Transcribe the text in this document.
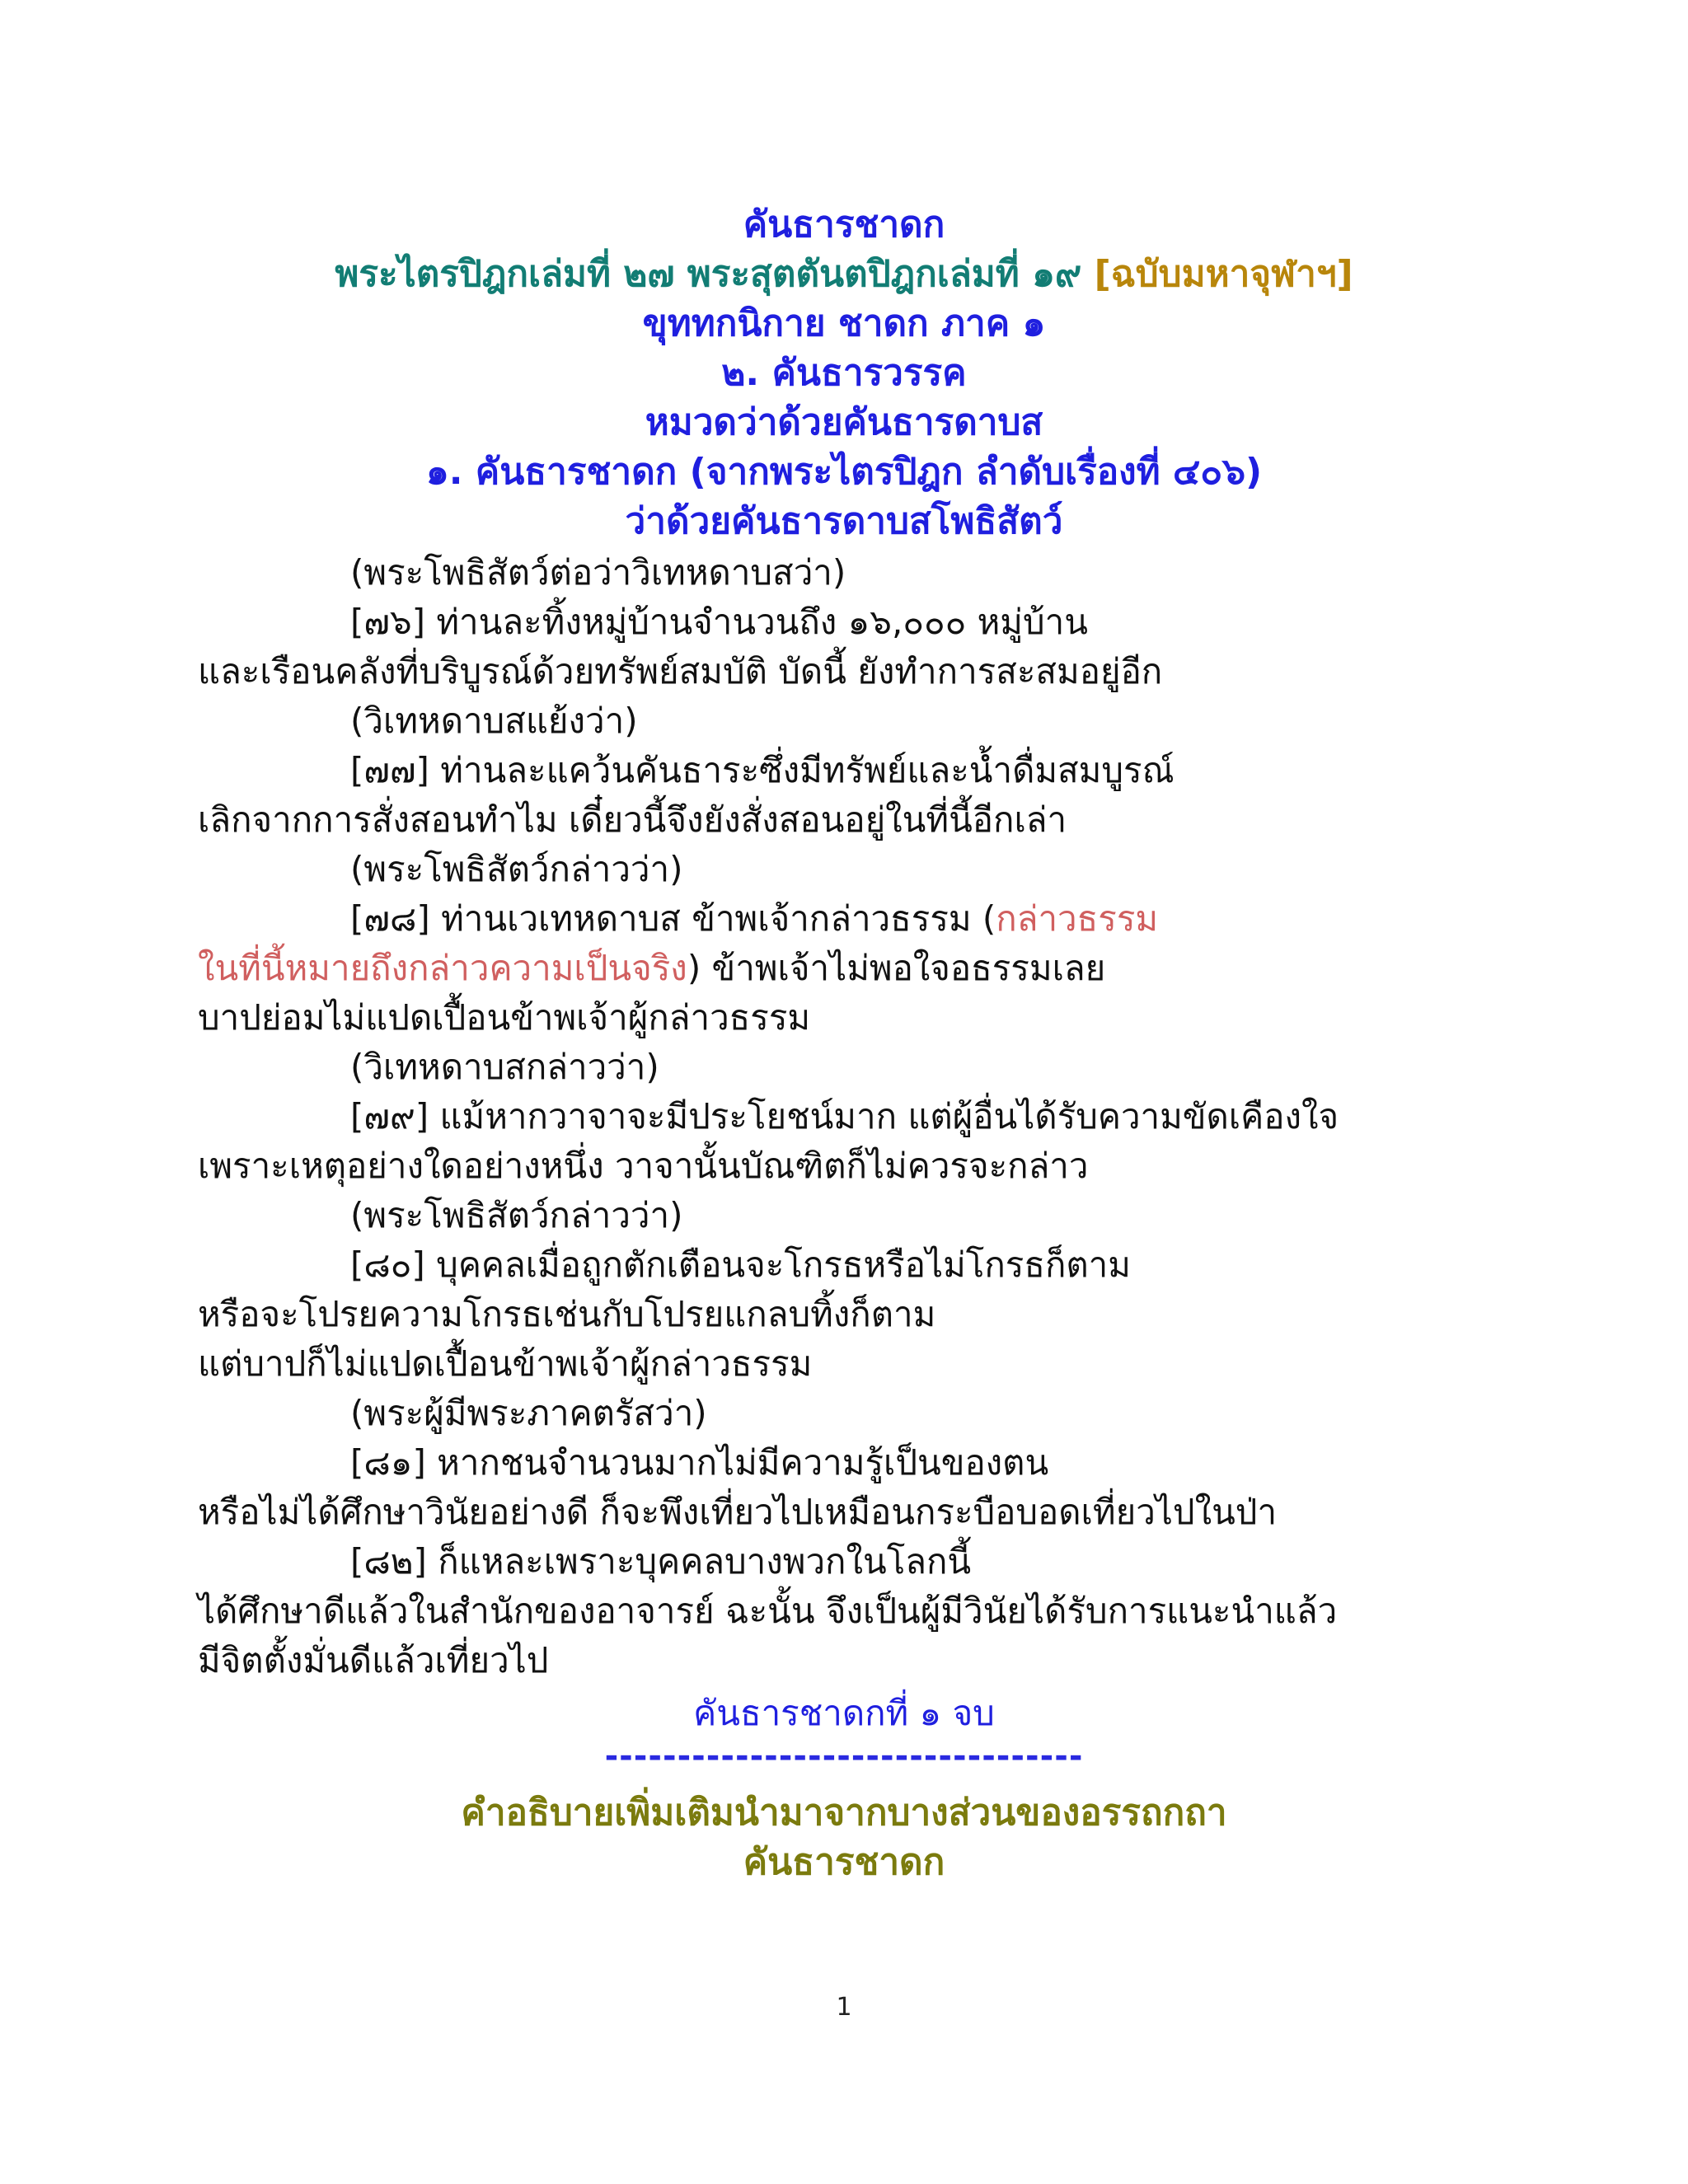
คันธารชาดก
พระไตรปิฎกเล่มที่ ๒๗ พระสุตตันตปิฎกเล่มที่ ๑๙ [ฉบับมหาจุฬาฯ]
ขุททกนิกาย ชาดก ภาค ๑
๒. คันธารวรรค
หมวดว่าด้วยคันธารดาบส
๑. คันธารชาดก (จากพระไตรปิฎก ลำดับเรื่องที่ ๔๐๖)
ว่าด้วยคันธารดาบสโพธิสัตว์
(พระโพธิสัตว์ต่อว่าวิเทหดาบสว่า)
[๗๖] ท่านละทิ้งหมู่บ้านจำนวนถึง ๑๖,๐๐๐ หมู่บ้าน
และเรือนคลังที่บริบูรณ์ด้วยทรัพย์สมบัติ บัดนี้ ยังทำการสะสมอยู่อีก
(วิเทหดาบสแย้งว่า)
[๗๗] ท่านละแคว้นคันธาระซึ่งมีทรัพย์และน้ำดื่มสมบูรณ์
เลิกจากการสั่งสอนทำไม เดี๋ยวนี้จึงยังสั่งสอนอยู่ในที่นี้อีกเล่า
(พระโพธิสัตว์กล่าวว่า)
[๗๘] ท่านเวเทหดาบส ข้าพเจ้ากล่าวธรรม (กล่าวธรรม
ในที่นี้หมายถึงกล่าวความเป็นจริง) ข้าพเจ้าไม่พอใจอธรรมเลย
บาปย่อมไม่แปดเปื้อนข้าพเจ้าผู้กล่าวธรรม
(วิเทหดาบสกล่าวว่า)
[๗๙] แม้หากวาจาจะมีประโยชน์มาก แต่ผู้อื่นได้รับความขัดเคืองใจ
เพราะเหตุอย่างใดอย่างหนึ่ง วาจานั้นบัณฑิตก็ไม่ควรจะกล่าว
(พระโพธิสัตว์กล่าวว่า)
[๘๐] บุคคลเมื่อถูกตักเตือนจะโกรธหรือไม่โกรธก็ตาม
หรือจะโปรยความโกรธเช่นกับโปรยแกลบทิ้งก็ตาม
แต่บาปก็ไม่แปดเปื้อนข้าพเจ้าผู้กล่าวธรรม
(พระผู้มีพระภาคตรัสว่า)
[๘๑] หากชนจำนวนมากไม่มีความรู้เป็นของตน
หรือไม่ได้ศึกษาวินัยอย่างดี ก็จะพึงเที่ยวไปเหมือนกระบือบอดเที่ยวไปในป่า
[๘๒] ก็แหละเพราะบุคคลบางพวกในโลกนี้
ได้ศึกษาดีแล้วในสำนักของอาจารย์ ฉะนั้น จึงเป็นผู้มีวินัยได้รับการแนะนำแล้ว
มีจิตตั้งมั่นดีแล้วเที่ยวไป
คันธารชาดกที่ ๑ จบ
---------------------------------
คำอธิบายเพิ่มเติมนำมาจากบางส่วนของอรรถกถา
คันธารชาดก
1
